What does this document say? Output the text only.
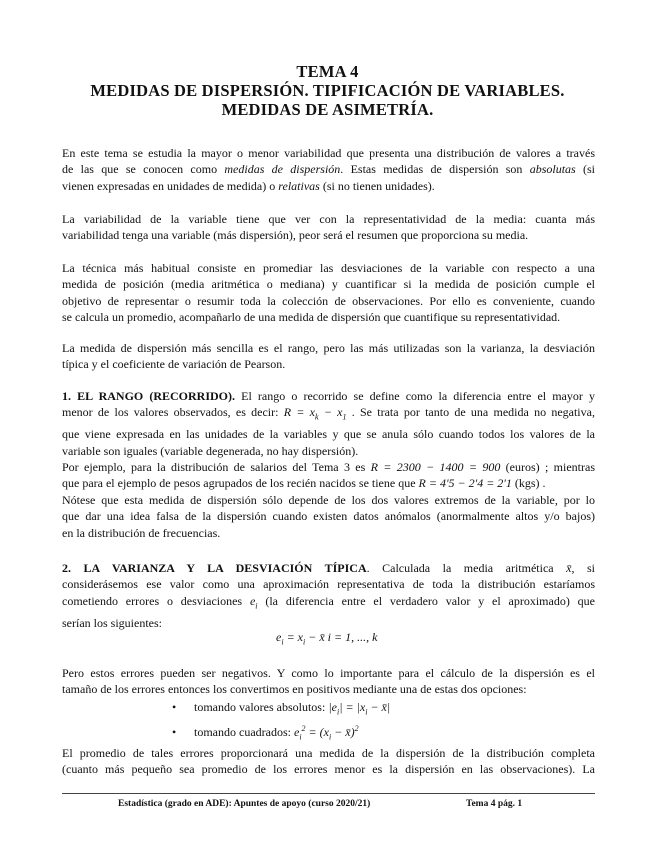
TEMA 4
MEDIDAS DE DISPERSIÓN. TIPIFICACIÓN DE VARIABLES.
MEDIDAS DE ASIMETRÍA.
En este tema se estudia la mayor o menor variabilidad que presenta una distribución de valores a través
de las que se conocen como medidas de dispersión. Estas medidas de dispersión son absolutas (si
vienen expresadas en unidades de medida) o relativas (si no tienen unidades).
La variabilidad de la variable tiene que ver con la representatividad de la media: cuanta más
variabilidad tenga una variable (más dispersión), peor será el resumen que proporciona su media.
La técnica más habitual consiste en promediar las desviaciones de la variable con respecto a una
medida de posición (media aritmética o mediana) y cuantificar si la medida de posición cumple el
objetivo de representar o resumir toda la colección de observaciones. Por ello es conveniente, cuando
se calcula un promedio, acompañarlo de una medida de dispersión que cuantifique su representatividad.
La medida de dispersión más sencilla es el rango, pero las más utilizadas son la varianza, la desviación
típica y el coeficiente de variación de Pearson.
1. EL RANGO (RECORRIDO). El rango o recorrido se define como la diferencia entre el mayor y
menor de los valores observados, es decir: $R = x_k - x_1$ . Se trata por tanto de una medida no negativa,
que viene expresada en las unidades de la variables y que se anula sólo cuando todos los valores de la
variable son iguales (variable degenerada, no hay dispersión).
Por ejemplo, para la distribución de salarios del Tema 3 es R = 2300 − 1400 = 900 (euros) ; mientras
que para el ejemplo de pesos agrupados de los recién nacidos se tiene que R = 4'5 − 2'4 = 2'1 (kgs) .
Nótese que esta medida de dispersión sólo depende de los dos valores extremos de la variable, por lo
que dar una idea falsa de la dispersión cuando existen datos anómalos (anormalmente altos y/o bajos)
en la distribución de frecuencias.
2. LA VARIANZA Y LA DESVIACIÓN TÍPICA. Calculada la media aritmética x̄, si
considerásemos ese valor como una aproximación representativa de toda la distribución estaríamos
cometiendo errores o desviaciones $e_i$ (la diferencia entre el verdadero valor y el aproximado) que
serían los siguientes:
$e_i = x_i$ − x̄ i = 1, ..., k
Pero estos errores pueden ser negativos. Y como lo importante para el cálculo de la dispersión es el
tamaño de los errores entonces los convertimos en positivos mediante una de estas dos opciones:
• tomando valores absolutos: $|e_i| = |x_i$ − x̄|
• tomando cuadrados: $e_i^2 = (x_i$ − x̄)$^2$
El promedio de tales errores proporcionará una medida de la dispersión de la distribución completa
(cuanto más pequeño sea promedio de los errores menor es la dispersión en las observaciones). La
Estadística (grado en ADE): Apuntes de apoyo (curso 2020/21)	Tema 4 pág. 1
